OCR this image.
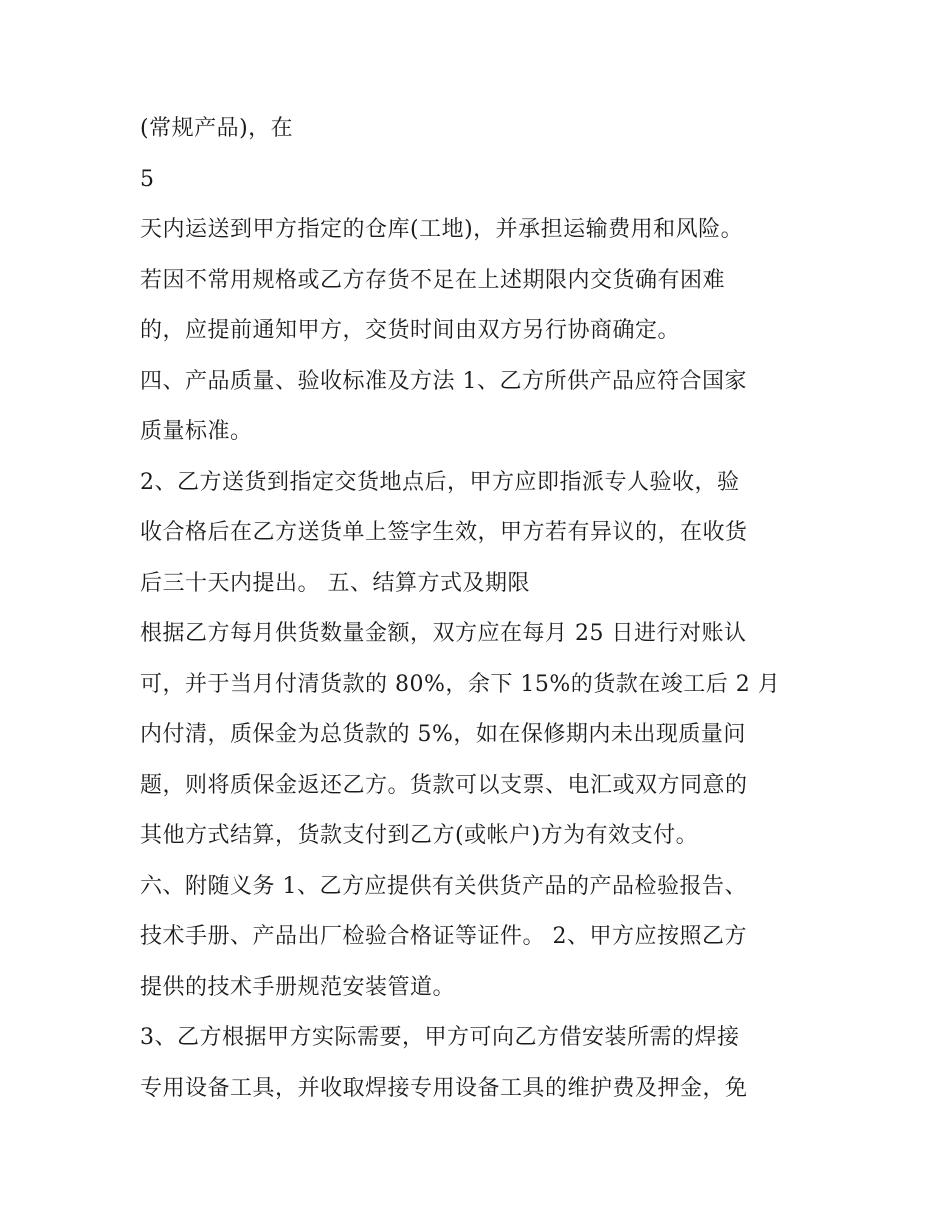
(常规产品)，在

5

天内运送到甲方指定的仓库(工地)，并承担运输费用和风险。

若因不常用规格或乙方存货不足在上述期限内交货确有困难

的，应提前通知甲方，交货时间由双方另行协商确定。

四、产品质量、验收标准及方法 1、乙方所供产品应符合国家

质量标准。

2、乙方送货到指定交货地点后，甲方应即指派专人验收，验

收合格后在乙方送货单上签字生效，甲方若有异议的，在收货

后三十天内提出。 五、结算方式及期限

根据乙方每月供货数量金额，双方应在每月 25 日进行对账认

可，并于当月付清货款的 80%，余下 15%的货款在竣工后 2 月

内付清，质保金为总货款的 5%，如在保修期内未出现质量问

题，则将质保金返还乙方。货款可以支票、电汇或双方同意的

其他方式结算，货款支付到乙方(或帐户)方为有效支付。

六、附随义务 1、乙方应提供有关供货产品的产品检验报告、

技术手册、产品出厂检验合格证等证件。 2、甲方应按照乙方

提供的技术手册规范安装管道。

3、乙方根据甲方实际需要，甲方可向乙方借安装所需的焊接

专用设备工具，并收取焊接专用设备工具的维护费及押金，免
